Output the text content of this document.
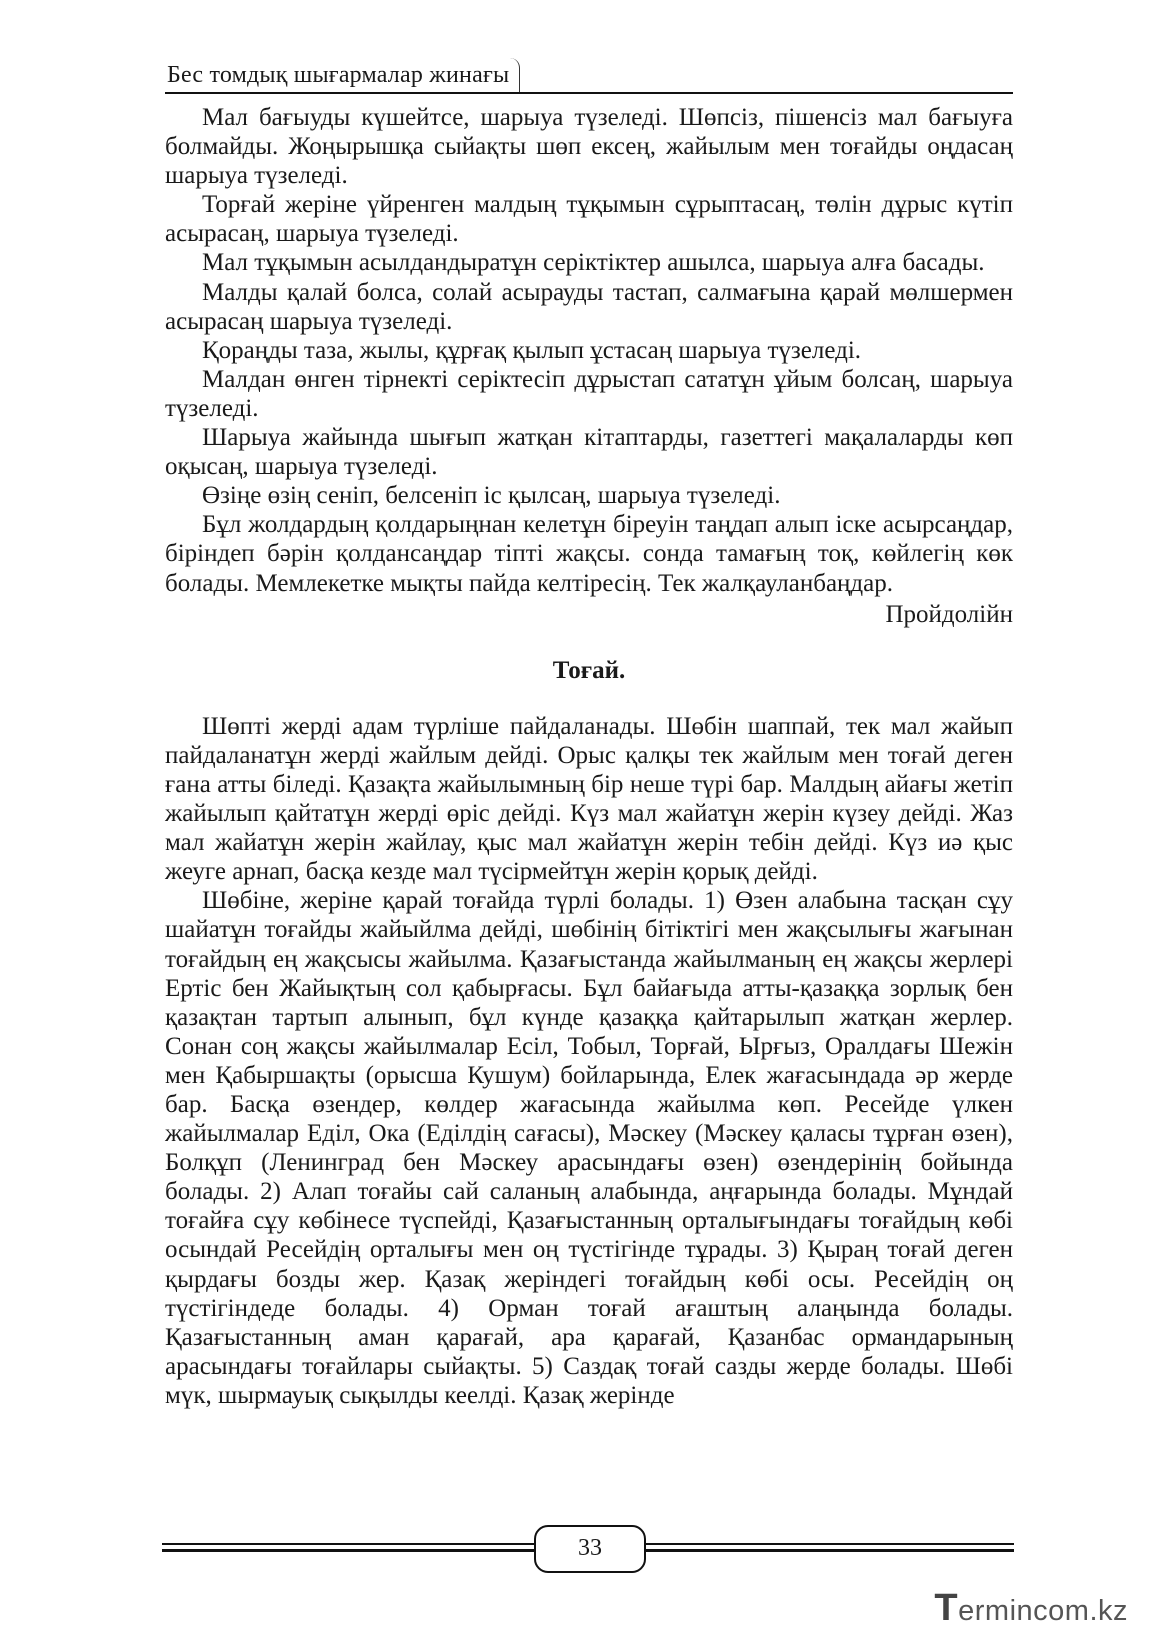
Бес томдық шығармалар жинағы

Мал бағыуды күшейтсе, шарыуа түзеледі. Шөпсіз, пішенсіз мал бағыуға болмайды. Жоңырышқа сыйақты шөп ексең, жайылым мен тоғайды оңдасаң шарыуа түзеледі.

Торғай жеріне үйренген малдың тұқымын сұрыптасаң, төлін дұрыс күтіп асырасаң, шарыуа түзеледі.

Мал тұқымын асылдандыратұн серіктіктер ашылса, шарыуа алға басады.

Малды қалай болса, солай асырауды тастап, салмағына қарай мөлшермен асырасаң шарыуа түзеледі.

Қораңды таза, жылы, құрғақ қылып ұстасаң шарыуа түзеледі.

Малдан өнген тірнекті серіктесіп дұрыстап сататұн ұйым болсаң, шарыуа түзеледі.

Шарыуа жайында шығып жатқан кітаптарды, газеттегі мақалаларды көп оқысаң, шарыуа түзеледі.

Өзіңе өзің сеніп, белсеніп іс қылсаң, шарыуа түзеледі.

Бұл жолдардың қолдарыңнан келетұн біреуін таңдап алып іске асырсаңдар, біріндеп бәрін қолдансаңдар тіпті жақсы. сонда тамағың тоқ, көйлегің көк болады. Мемлекетке мықты пайда келтіресің. Тек жалқауланбаңдар.

Пройдолійн

Тоғай.

Шөпті жерді адам түрліше пайдаланады. Шөбін шаппай, тек мал жайып пайдаланатұн жерді жайлым дейді. Орыс қалқы тек жайлым мен тоғай деген ғана атты біледі. Қазақта жайылымның бір неше түрі бар. Малдың айағы жетіп жайылып қайтатұн жерді өріс дейді. Күз мал жайатұн жерін күзеу дейді. Жаз мал жайатұн жерін жайлау, қыс мал жайатұн жерін тебін дейді. Күз иә қыс жеуге арнап, басқа кезде мал түсірмейтұн жерін қорық дейді.

Шөбіне, жеріне қарай тоғайда түрлі болады. 1) Өзен алабына тасқан сұу шайатұн тоғайды жайыйлма дейді, шөбінің бітіктігі мен жақсылығы жағынан тоғайдың ең жақсысы жайылма. Қазағыстанда жайылманың ең жақсы жерлері Ертіс бен Жайықтың сол қабырғасы. Бұл байағыда атты-қазаққа зорлық бен қазақтан тартып алынып, бұл күнде қазаққа қайтарылып жатқан жерлер. Сонан соң жақсы жайылмалар Есіл, Тобыл, Торғай, Ырғыз, Оралдағы Шежін мен Қабыршақты (орысша Кушум) бойларында, Елек жағасындада әр жерде бар. Басқа өзендер, көлдер жағасында жайылма көп. Ресейде үлкен жайылмалар Еділ, Ока (Еділдің сағасы), Мәскеу (Мәскеу қаласы тұрған өзен), Болқұп (Ленинград бен Мәскеу арасындағы өзен) өзендерінің бойында болады. 2) Алап тоғайы сай саланың алабында, аңғарында болады. Мұндай тоғайға сұу көбінесе түспейді, Қазағыстанның орталығындағы тоғайдың көбі осындай Ресейдің орталығы мен оң түстігінде тұрады. 3) Қыраң тоғай деген қырдағы бозды жер. Қазақ жеріндегі тоғайдың көбі осы. Ресейдің оң түстігіндеде болады. 4) Орман тоғай ағаштың алаңында болады. Қазағыстанның аман қарағай, ара қарағай, Қазанбас ормандарының арасындағы тоғайлары сыйақты. 5) Саздақ тоғай сазды жерде болады. Шөбі мүк, шырмауық сықылды кеелді. Қазақ жерінде

33
Termincom.kz
